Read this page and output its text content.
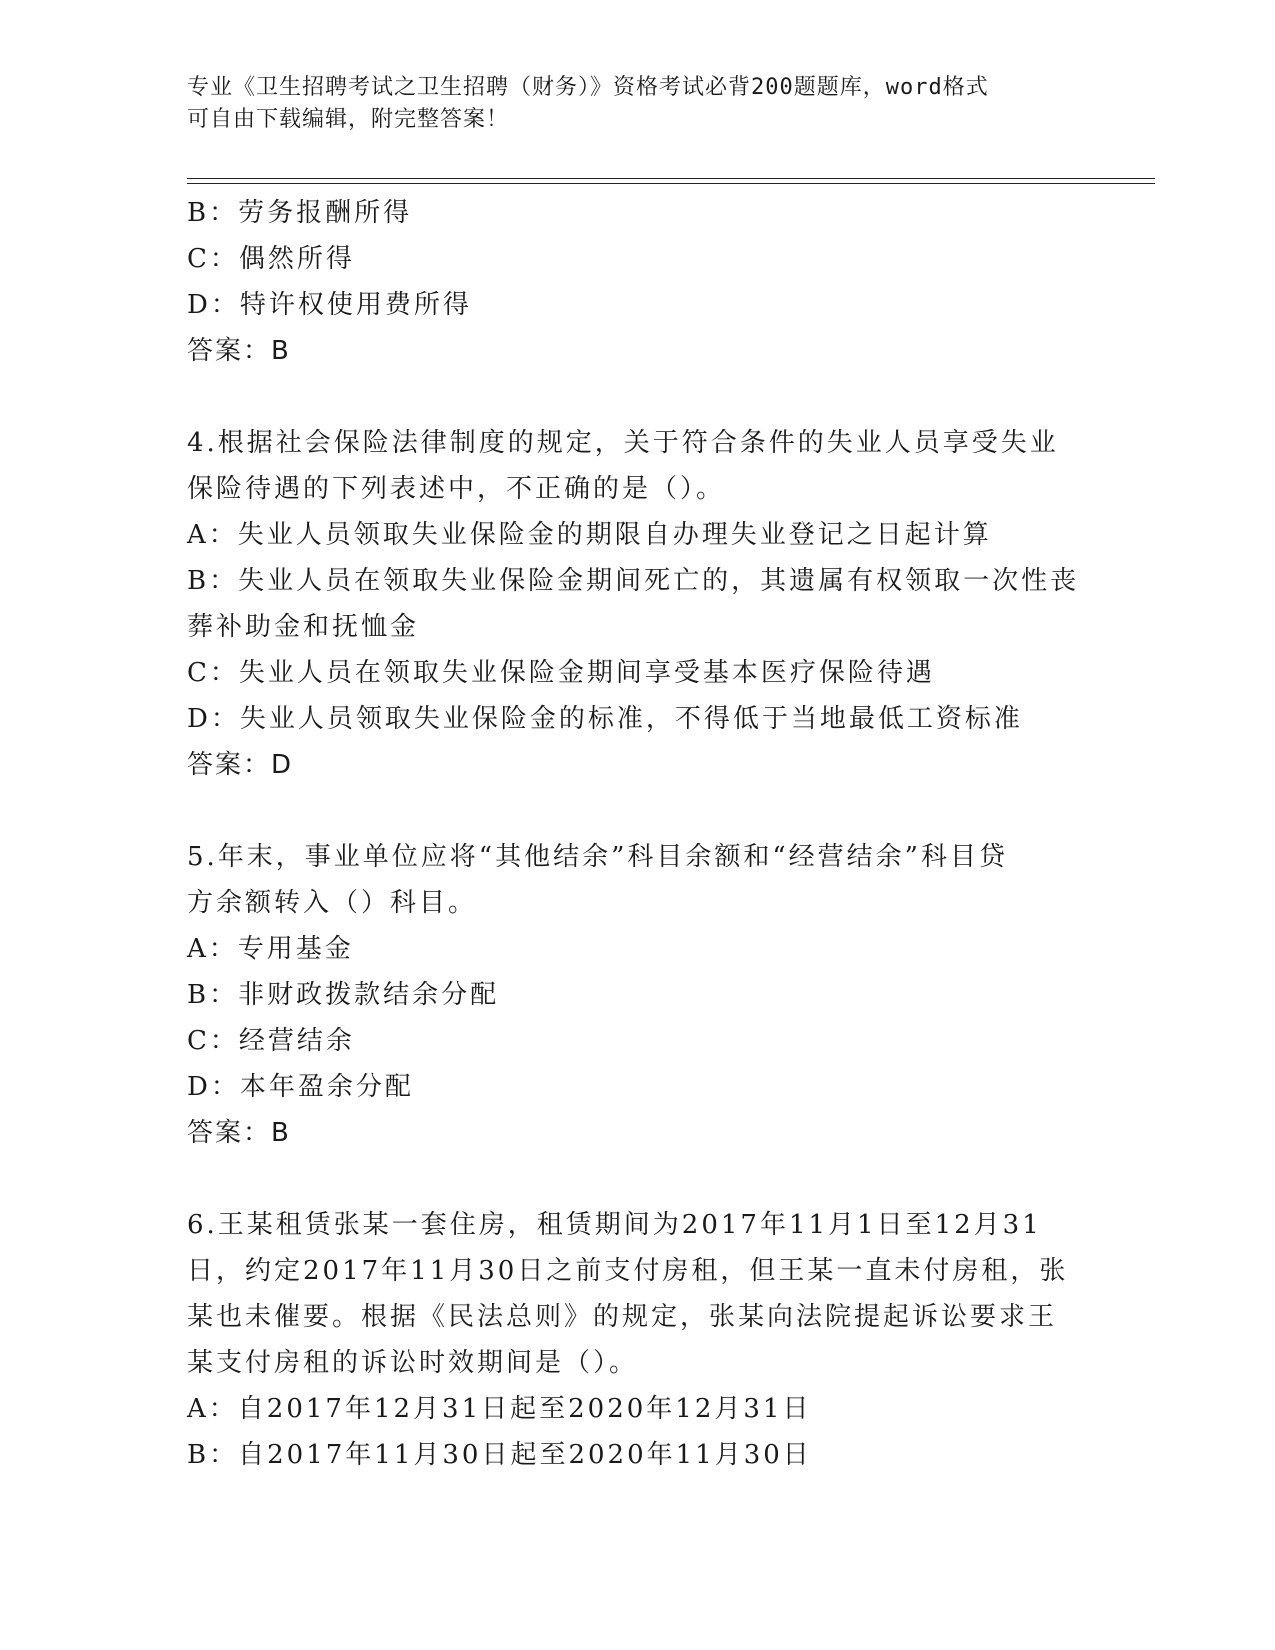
专业《卫生招聘考试之卫生招聘（财务）》资格考试必背200题题库，word格式
可自由下载编辑，附完整答案！
B：劳务报酬所得
C：偶然所得
D：特许权使用费所得
答案：B
4.根据社会保险法律制度的规定，关于符合条件的失业人员享受失业
保险待遇的下列表述中，不正确的是（）。
A：失业人员领取失业保险金的期限自办理失业登记之日起计算
B：失业人员在领取失业保险金期间死亡的，其遗属有权领取一次性丧
葬补助金和抚恤金
C：失业人员在领取失业保险金期间享受基本医疗保险待遇
D：失业人员领取失业保险金的标准，不得低于当地最低工资标准
答案：D
5.年末，事业单位应将“其他结余”科目余额和“经营结余”科目贷
方余额转入（）科目。
A：专用基金
B：非财政拨款结余分配
C：经营结余
D：本年盈余分配
答案：B
6.王某租赁张某一套住房，租赁期间为2017年11月1日至12月31
日，约定2017年11月30日之前支付房租，但王某一直未付房租，张
某也未催要。根据《民法总则》的规定，张某向法院提起诉讼要求王
某支付房租的诉讼时效期间是（）。
A：自2017年12月31日起至2020年12月31日
B：自2017年11月30日起至2020年11月30日
